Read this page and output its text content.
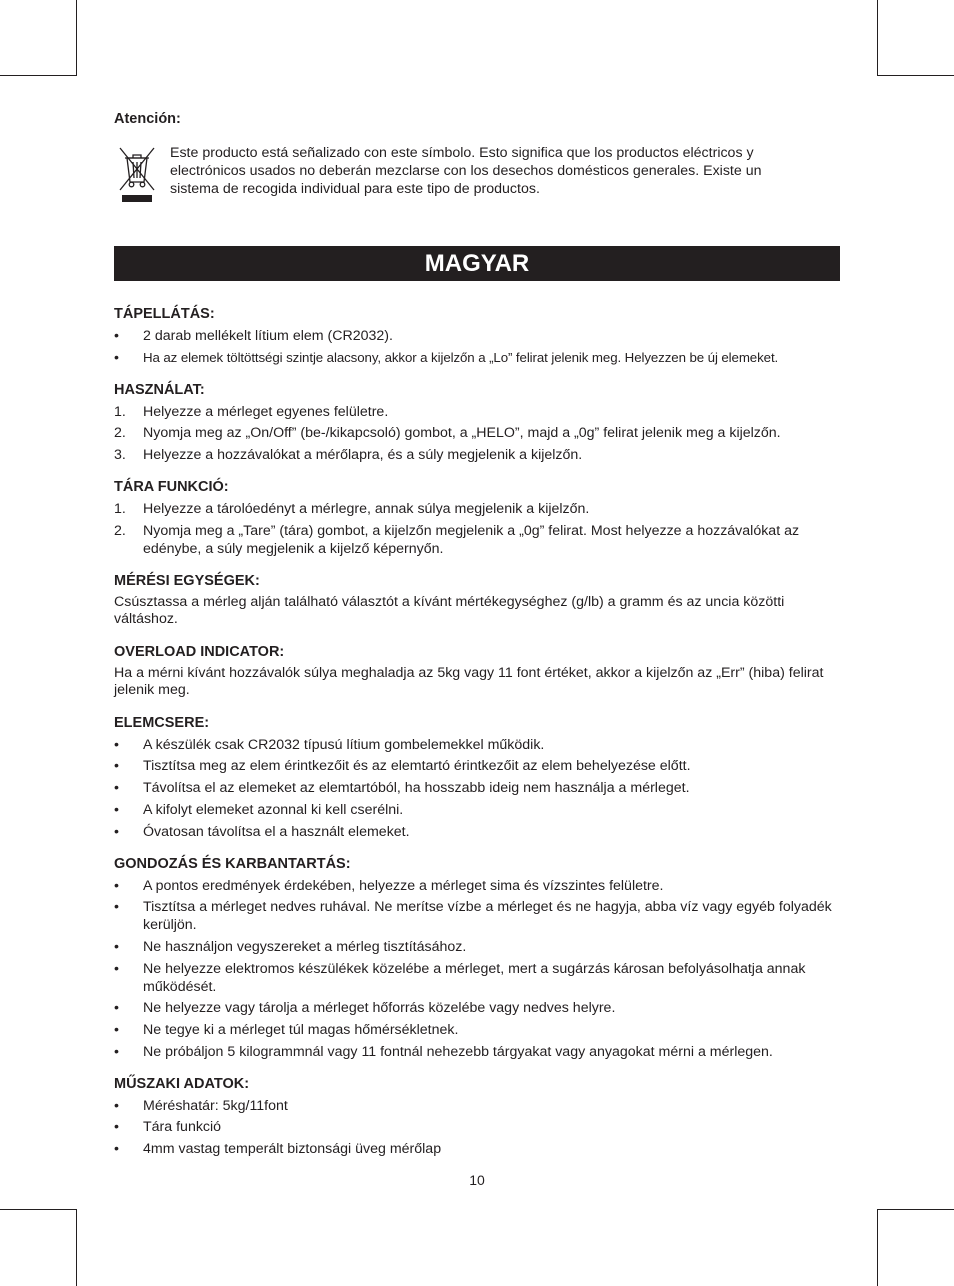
Atención:

Este producto está señalizado con este símbolo. Esto significa que los productos eléctricos y electrónicos usados no deberán mezclarse con los desechos domésticos generales. Existe un sistema de recogida individual para este tipo de productos.
MAGYAR
TÁPELLÁTÁS:
•	2 darab mellékelt lítium elem (CR2032).
•	Ha az elemek töltöttségi szintje alacsony, akkor a kijelzőn a „Lo” felirat jelenik meg. Helyezzen be új elemeket.
HASZNÁLAT:
1.	Helyezze a mérleget egyenes felületre.
2.	Nyomja meg az „On/Off” (be-/kikapcsoló) gombot, a „HELO”, majd a „0g” felirat jelenik meg a kijelzőn.
3.	Helyezze a hozzávalókat a mérőlapra, és a súly megjelenik a kijelzőn.
TÁRA FUNKCIÓ:
1.	Helyezze a tárolóedényt a mérlegre, annak súlya megjelenik a kijelzőn.
2.	Nyomja meg a „Tare” (tára) gombot, a kijelzőn megjelenik a „0g” felirat. Most helyezze a hozzávalókat az edénybe, a súly megjelenik a kijelző képernyőn.
MÉRÉSI EGYSÉGEK:

Csúsztassa a mérleg alján található választót a kívánt mértékegységhez (g/lb) a gramm és az uncia közötti váltáshoz.

OVERLOAD INDICATOR:

Ha a mérni kívánt hozzávalók súlya meghaladja az 5kg vagy 11 font értéket, akkor a kijelzőn az „Err” (hiba) felirat jelenik meg.

ELEMCSERE:
•	A készülék csak CR2032 típusú lítium gombelemekkel működik.
•	Tisztítsa meg az elem érintkezőit és az elemtartó érintkezőit az elem behelyezése előtt.
•	Távolítsa el az elemeket az elemtartóból, ha hosszabb ideig nem használja a mérleget.
•	A kifolyt elemeket azonnal ki kell cserélni.
•	Óvatosan távolítsa el a használt elemeket.
GONDOZÁS ÉS KARBANTARTÁS:
•	A pontos eredmények érdekében, helyezze a mérleget sima és vízszintes felületre.
•	Tisztítsa a mérleget nedves ruhával. Ne merítse vízbe a mérleget és ne hagyja, abba víz vagy egyéb folyadék kerüljön.
•	Ne használjon vegyszereket a mérleg tisztításához.
•	Ne helyezze elektromos készülékek közelébe a mérleget, mert a sugárzás károsan befolyásolhatja annak működését.
•	Ne helyezze vagy tárolja a mérleget hőforrás közelébe vagy nedves helyre.
•	Ne tegye ki a mérleget túl magas hőmérsékletnek.
•	Ne próbáljon 5 kilogrammnál vagy 11 fontnál nehezebb tárgyakat vagy anyagokat mérni a mérlegen.
MŰSZAKI ADATOK:
•	Méréshatár: 5kg/11font
•	Tára funkció
•	4mm vastag temperált biztonsági üveg mérőlap
10
